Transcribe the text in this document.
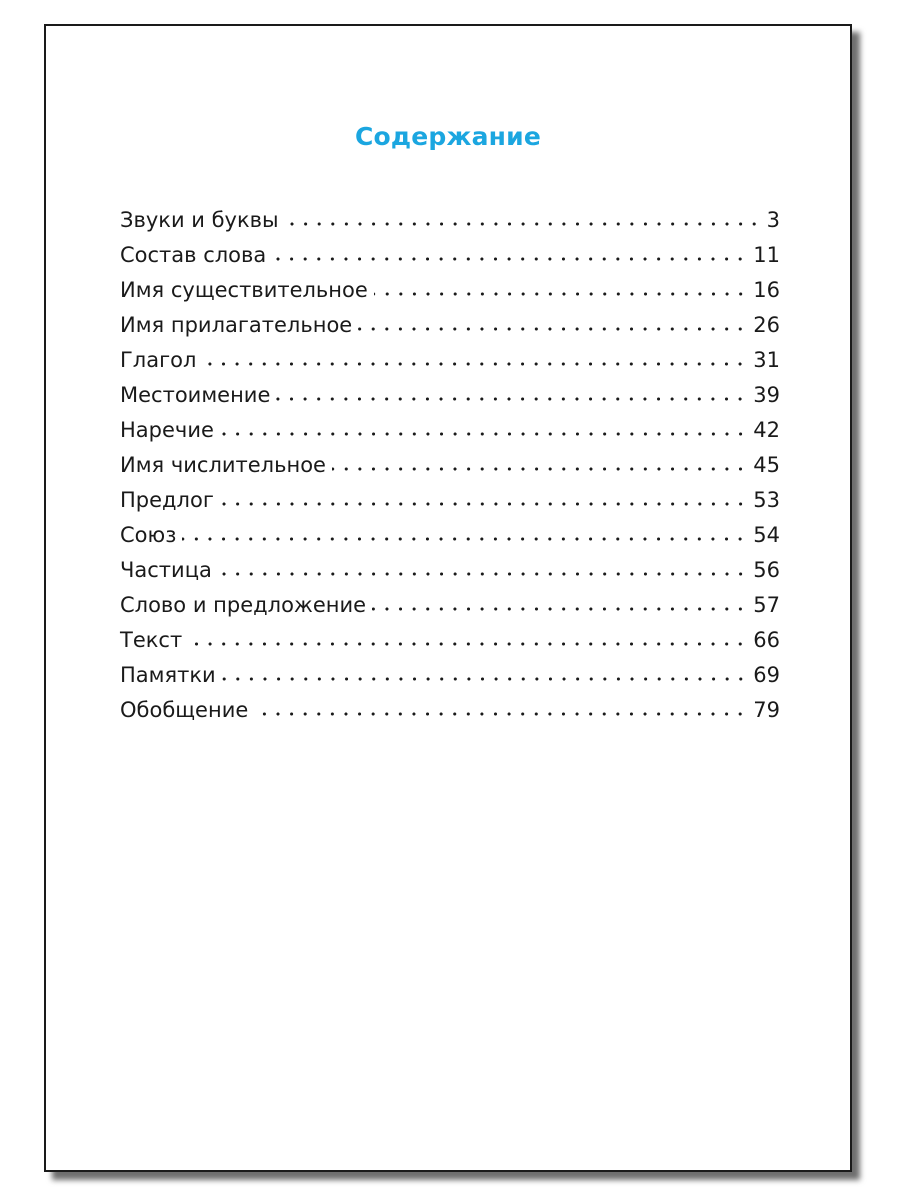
Содержание
Звуки и буквы	3
Состав слова	11
Имя существительное	16
Имя прилагательное	26
Глагол	31
Местоимение	39
Наречие	42
Имя числительное	45
Предлог	53
Союз	54
Частица	56
Слово и предложение	57
Текст	66
Памятки	69
Обобщение	79
